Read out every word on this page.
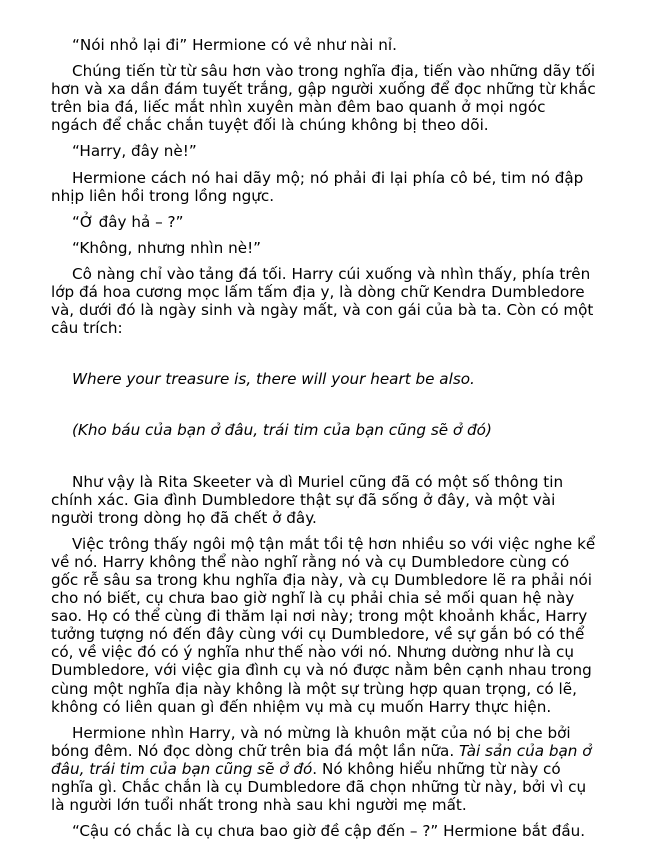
“Nói nhỏ lại đi” Hermione có vẻ như nài nỉ.

Chúng tiến từ từ sâu hơn vào trong nghĩa địa, tiến vào những dãy tối hơn và xa dần đám tuyết trắng, gập người xuống để đọc những từ khắc trên bia đá, liếc mắt nhìn xuyên màn đêm bao quanh ở mọi ngóc ngách để chắc chắn tuyệt đối là chúng không bị theo dõi.

“Harry, đây nè!”

Hermione cách nó hai dãy mộ; nó phải đi lại phía cô bé, tim nó đập nhịp liên hồi trong lồng ngực.

“Ở đây hả – ?”

“Không, nhưng nhìn nè!”

Cô nàng chỉ vào tảng đá tối. Harry cúi xuống và nhìn thấy, phía trên lớp đá hoa cương mọc lấm tấm địa y, là dòng chữ Kendra Dumbledore và, dưới đó là ngày sinh và ngày mất, và con gái của bà ta. Còn có một câu trích:

Where your treasure is, there will your heart be also.

(Kho báu của bạn ở đâu, trái tim của bạn cũng sẽ ở đó)

Như vậy là Rita Skeeter và dì Muriel cũng đã có một số thông tin chính xác. Gia đình Dumbledore thật sự đã sống ở đây, và một vài người trong dòng họ đã chết ở đây.

Việc trông thấy ngôi mộ tận mắt tồi tệ hơn nhiều so với việc nghe kể về nó. Harry không thể nào nghĩ rằng nó và cụ Dumbledore cùng có gốc rễ sâu sa trong khu nghĩa địa này, và cụ Dumbledore lẽ ra phải nói cho nó biết, cụ chưa bao giờ nghĩ là cụ phải chia sẻ mối quan hệ này sao. Họ có thể cùng đi thăm lại nơi này; trong một khoảnh khắc, Harry tưởng tượng nó đến đây cùng với cụ Dumbledore, về sự gắn bó có thể có, về việc đó có ý nghĩa như thế nào với nó. Nhưng dường như là cụ Dumbledore, với việc gia đình cụ và nó được nằm bên cạnh nhau trong cùng một nghĩa địa này không là một sự trùng hợp quan trọng, có lẽ, không có liên quan gì đến nhiệm vụ mà cụ muốn Harry thực hiện.

Hermione nhìn Harry, và nó mừng là khuôn mặt của nó bị che bởi bóng đêm. Nó đọc dòng chữ trên bia đá một lần nữa. Tài sản của bạn ở đâu, trái tim của bạn cũng sẽ ở đó. Nó không hiểu những từ này có nghĩa gì. Chắc chắn là cụ Dumbledore đã chọn những từ này, bởi vì cụ là người lớn tuổi nhất trong nhà sau khi người mẹ mất.

“Cậu có chắc là cụ chưa bao giờ đề cập đến – ?” Hermione bắt đầu.
